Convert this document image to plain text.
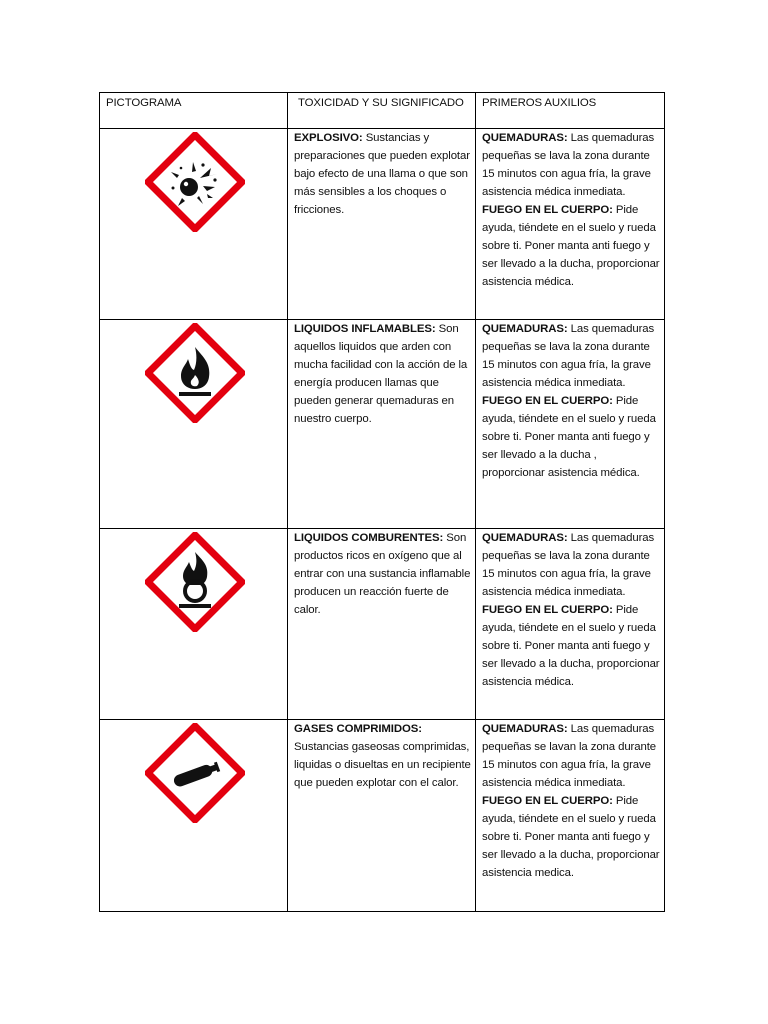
PICTOGRAMA	TOXICIDAD Y SU SIGNIFICADO	PRIMEROS AUXILIOS

	EXPLOSIVO: Sustancias y preparaciones que pueden explotar bajo efecto de una llama o que son más sensibles a los choques o fricciones.	QUEMADURAS: Las quemaduras pequeñas se lava la zona durante 15 minutos con agua fría, la grave asistencia médica inmediata. FUEGO EN EL CUERPO: Pide ayuda, tiéndete en el suelo y rueda sobre ti. Poner manta anti fuego y ser llevado a la ducha, proporcionar asistencia médica.

	LIQUIDOS INFLAMABLES: Son aquellos liquidos que arden con mucha facilidad con la acción de la energía producen llamas que pueden generar quemaduras en nuestro cuerpo.	QUEMADURAS: Las quemaduras pequeñas se lava la zona durante 15 minutos con agua fría, la grave asistencia médica inmediata. FUEGO EN EL CUERPO: Pide ayuda, tiéndete en el suelo y rueda sobre ti. Poner manta anti fuego y ser llevado a la ducha , proporcionar asistencia médica.

	LIQUIDOS COMBURENTES: Son productos ricos en oxígeno que al entrar con una sustancia inflamable producen un reacción fuerte de calor.	QUEMADURAS: Las quemaduras pequeñas se lava la zona durante 15 minutos con agua fría, la grave asistencia médica inmediata. FUEGO EN EL CUERPO: Pide ayuda, tiéndete en el suelo y rueda sobre ti. Poner manta anti fuego y ser llevado a la ducha, proporcionar asistencia médica.

	GASES COMPRIMIDOS: Sustancias gaseosas comprimidas, liquidas o disueltas en un recipiente que pueden explotar con el calor.	QUEMADURAS: Las quemaduras pequeñas se lavan la zona durante 15 minutos con agua fría, la grave asistencia médica inmediata. FUEGO EN EL CUERPO: Pide ayuda, tiéndete en el suelo y rueda sobre ti. Poner manta anti fuego y ser llevado a la ducha, proporcionar asistencia medica.
